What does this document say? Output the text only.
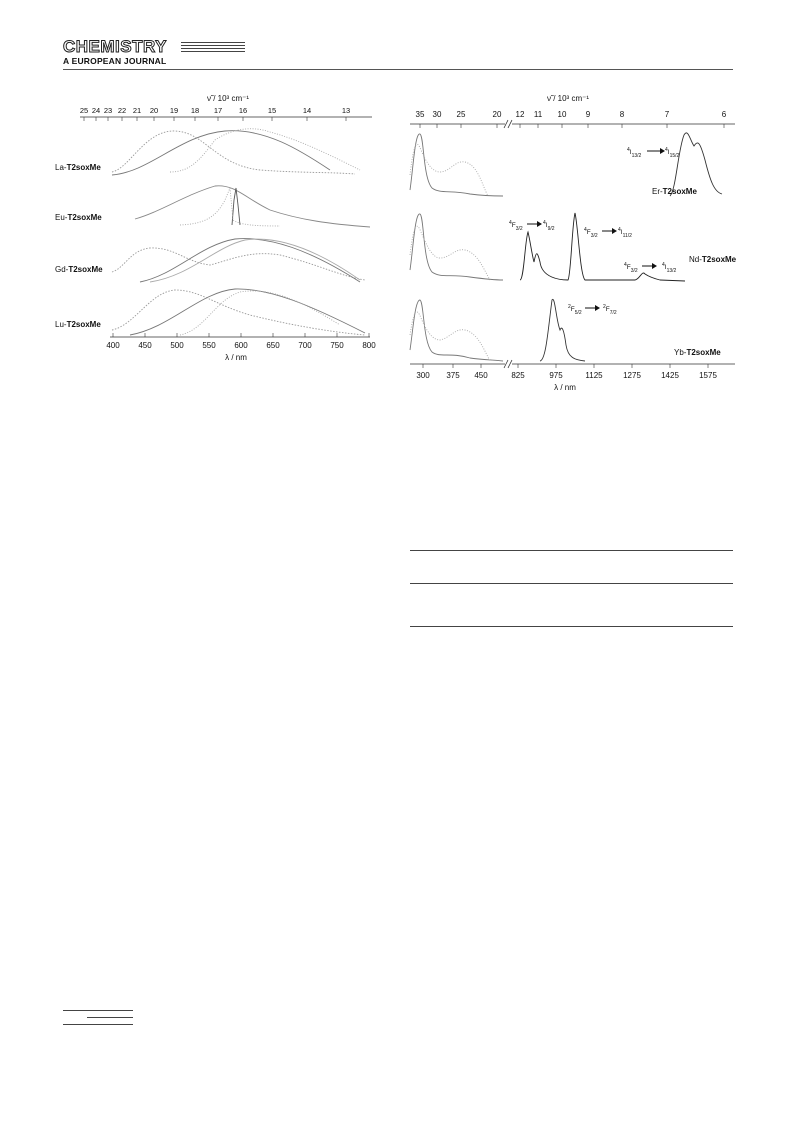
CHEMISTRY
A EUROPEAN JOURNAL
ν̃ / 10³ cm⁻¹
25 24 23 22 21 20 19 18 17 16	15	14	13
La-T2soxMe
Eu-T2soxMe
Gd-T2soxMe
Lu-T2soxMe
400 450 500 550 600 650 700 750 800
λ / nm
ν̃ / 10³ cm⁻¹
35 30 25	20 12 11 10 9	8	7	6
$^4I_{13/2}$
$^4I_{15/2}$
Er-T2soxMe
$^4F_{3/2}$
$^4I_{9/2}$	$^4F_{3/2}$
$^4I_{11/2}$
Nd-T2soxMe
$^4F_{3/2}$
$^4I_{13/2}$
$^2F_{5/2}$
$^2F_{7/2}$
Yb-T2soxMe
300 375 450	825	975	1125	1275	1425	1575
λ / nm
